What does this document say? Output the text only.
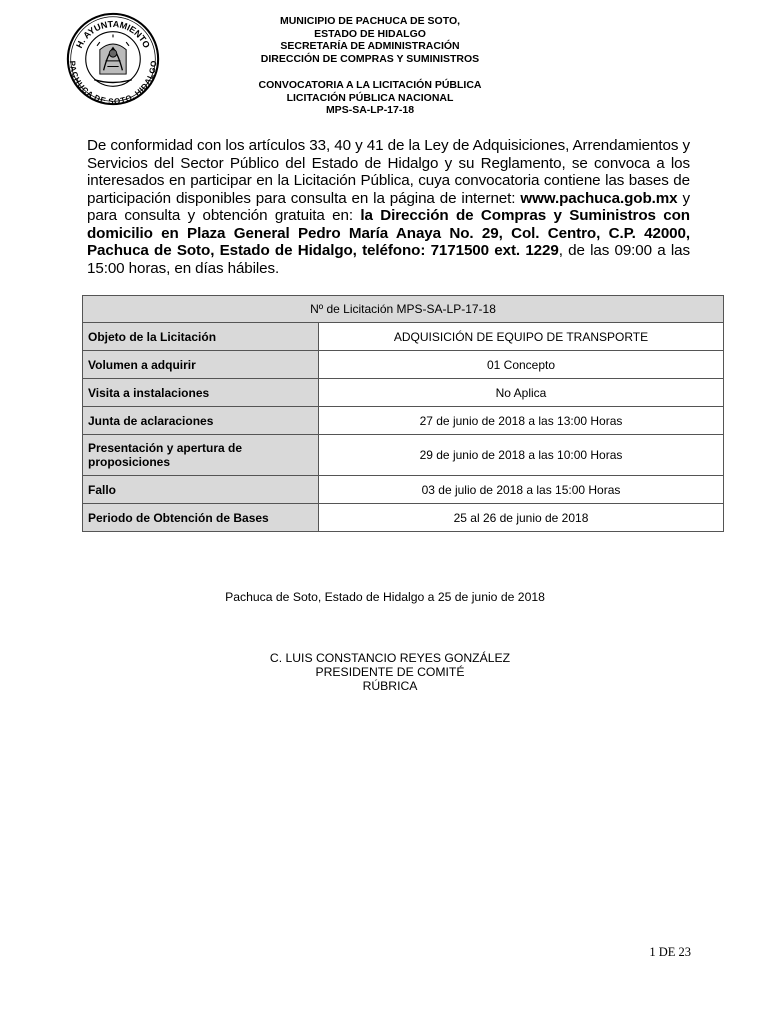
H. AYUNTAMIENTO
PACHUCA DE SOTO, HIDALGO
MUNICIPIO DE PACHUCA DE SOTO,
ESTADO DE HIDALGO
SECRETARÍA DE ADMINISTRACIÓN
DIRECCIÓN DE COMPRAS Y SUMINISTROS
CONVOCATORIA A LA LICITACIÓN PÚBLICA
LICITACIÓN PÚBLICA NACIONAL
MPS-SA-LP-17-18
De conformidad con los artículos 33, 40 y 41 de la Ley de Adquisiciones, Arrendamientos y Servicios del Sector Público del Estado de Hidalgo y su Reglamento, se convoca a los interesados en participar en la Licitación Pública, cuya convocatoria contiene las bases de participación disponibles para consulta en la página de internet: www.pachuca.gob.mx y para consulta y obtención gratuita en: la Dirección de Compras y Suministros con domicilio en Plaza General Pedro María Anaya No. 29, Col. Centro, C.P. 42000, Pachuca de Soto, Estado de Hidalgo, teléfono: 7171500 ext. 1229, de las 09:00 a las 15:00 horas, en días hábiles.
Nº de Licitación MPS-SA-LP-17-18	
Objeto de la Licitación	ADQUISICIÓN DE EQUIPO DE TRANSPORTE
Volumen a adquirir	01 Concepto
Visita a instalaciones	No Aplica
Junta de aclaraciones	27 de junio de 2018 a las 13:00 Horas
Presentación y apertura de proposiciones	29 de junio de 2018 a las 10:00 Horas
Fallo	03 de julio de 2018 a las 15:00 Horas
Periodo de Obtención de Bases	25 al 26 de junio de 2018
Pachuca de Soto, Estado de Hidalgo a 25 de junio de 2018
C. LUIS CONSTANCIO REYES GONZÁLEZ
PRESIDENTE DE COMITÉ
RÚBRICA
1 DE 23
